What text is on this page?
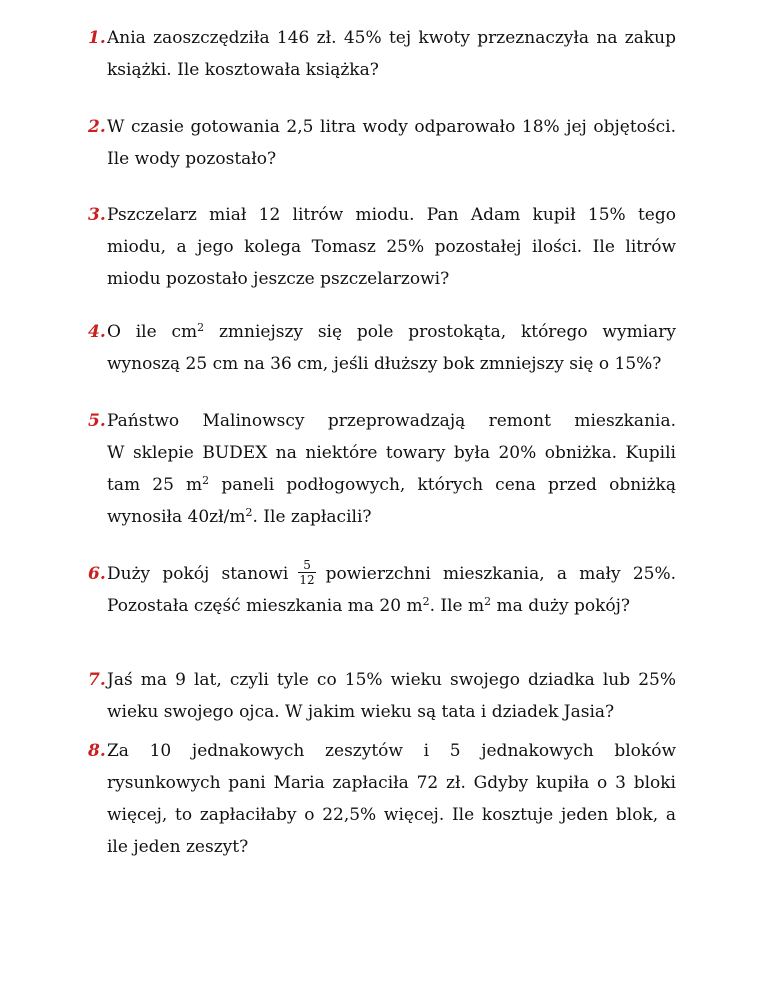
1. Ania zaoszczędziła 146 zł. 45% tej kwoty przeznaczyła na zakup książki. Ile kosztowała książka?
2. W czasie gotowania 2,5 litra wody odparowało 18% jej objętości. Ile wody pozostało?
3. Pszczelarz miał 12 litrów miodu. Pan Adam kupił 15% tego miodu, a jego kolega Tomasz 25% pozostałej ilości. Ile litrów miodu pozostało jeszcze pszczelarzowi?
4. O ile $cm^2$ zmniejszy się pole prostokąta, którego wymiary wynoszą 25 cm na 36 cm, jeśli dłuższy bok zmniejszy się o 15%?
5. Państwo Malinowscy przeprowadzają remont mieszkania.
W sklepie BUDEX na niektóre towary była 20% obniżka. Kupili tam 25 $m^2$ paneli podłogowych, których cena przed obniżką wynosiła $40zł/m^2$. Ile zapłacili?
6. Duży pokój stanowi $\frac{5}{12}$ powierzchni mieszkania, a mały 25%. Pozostała część mieszkania ma 20 $m^2$. Ile $m^2$ ma duży pokój?
7. Jaś ma 9 lat, czyli tyle co 15% wieku swojego dziadka lub 25% wieku swojego ojca. W jakim wieku są tata i dziadek Jasia?
8. Za 10 jednakowych zeszytów i 5 jednakowych bloków rysunkowych pani Maria zapłaciła 72 zł. Gdyby kupiła o 3 bloki więcej, to zapłaciłaby o 22,5% więcej. Ile kosztuje jeden blok, a ile jeden zeszyt?
